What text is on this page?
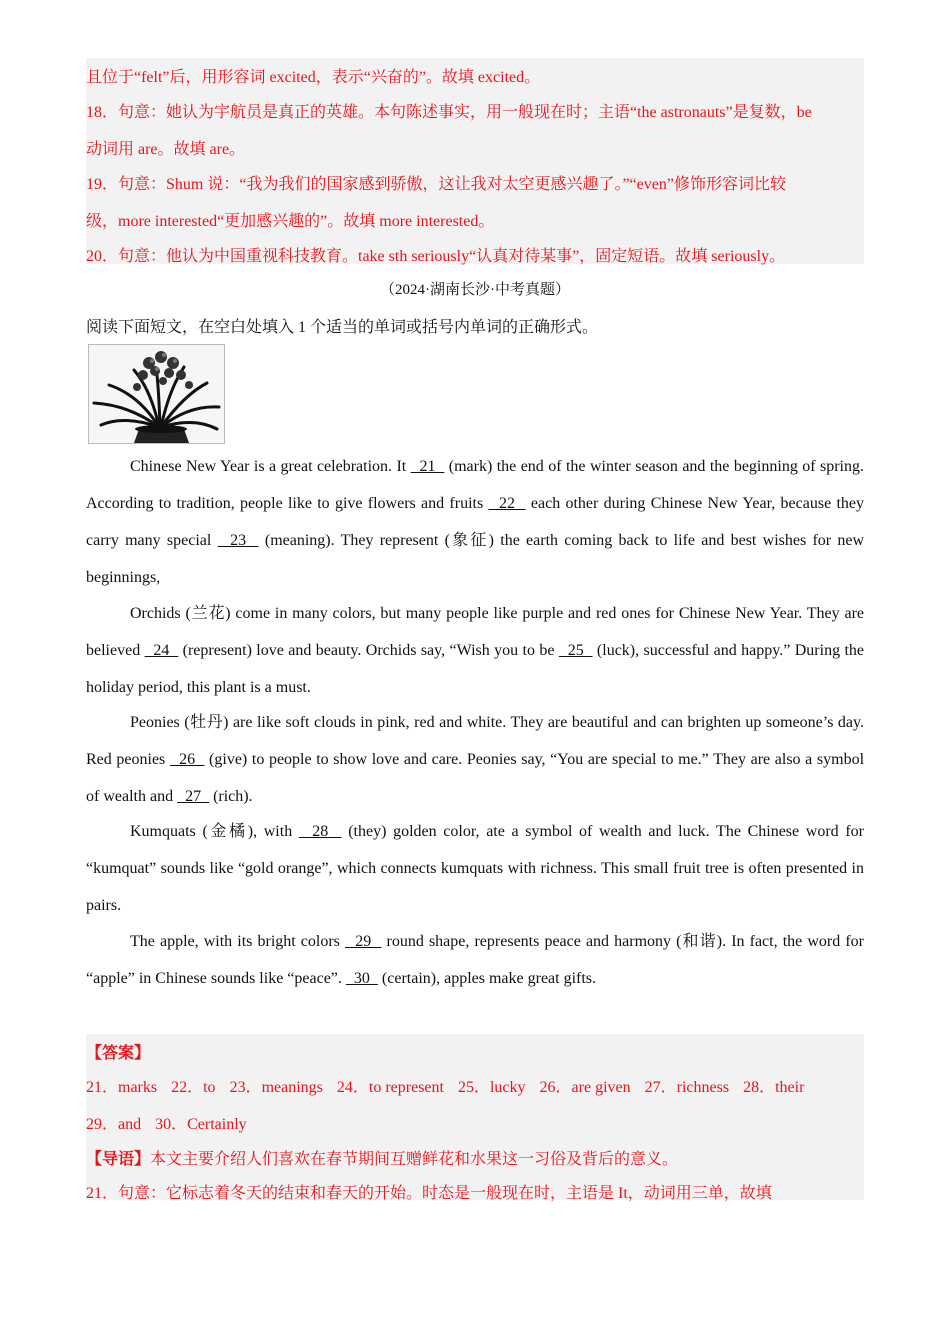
且位于“felt”后，用形容词 excited，表示“兴奋的”。故填 excited。
18．句意：她认为宇航员是真正的英雄。本句陈述事实，用一般现在时；主语“the astronauts”是复数，be
动词用 are。故填 are。
19．句意：Shum 说：“我为我们的国家感到骄傲，这让我对太空更感兴趣了。”“even”修饰形容词比较
级，more interested“更加感兴趣的”。故填 more interested。
20．句意：他认为中国重视科技教育。take sth seriously“认真对待某事”，固定短语。故填 seriously。
（2024·湖南长沙·中考真题）
阅读下面短文，在空白处填入 1 个适当的单词或括号内单词的正确形式。
Chinese New Year is a great celebration. It   21   (mark) the end of the winter season and the beginning of spring. According to tradition, people like to give flowers and fruits   22   each other during Chinese New Year, because they carry many special   23   (meaning). They represent (象征) the earth coming back to life and best wishes for new beginnings,
Orchids (兰花) come in many colors, but many people like purple and red ones for Chinese New Year. They are believed   24   (represent) love and beauty. Orchids say, “Wish you to be   25   (luck), successful and happy.” During the holiday period, this plant is a must.
Peonies (牡丹) are like soft clouds in pink, red and white. They are beautiful and can brighten up someone’s day. Red peonies   26   (give) to people to show love and care. Peonies say, “You are special to me.” They are also a symbol of wealth and   27   (rich).
Kumquats (金橘), with   28   (they) golden color, ate a symbol of wealth and luck. The Chinese word for “kumquat” sounds like “gold orange”, which connects kumquats with richness. This small fruit tree is often presented in pairs.
The apple, with its bright colors   29   round shape, represents peace and harmony (和谐). In fact, the word for “apple” in Chinese sounds like “peace”.   30   (certain), apples make great gifts.
【答案】
21．marks 22．to 23．meanings 24．to represent 25．lucky 26．are given 27．richness 28．their
29．and 30．Certainly
【导语】本文主要介绍人们喜欢在春节期间互赠鲜花和水果这一习俗及背后的意义。
21．句意：它标志着冬天的结束和春天的开始。时态是一般现在时，主语是 It，动词用三单，故填
